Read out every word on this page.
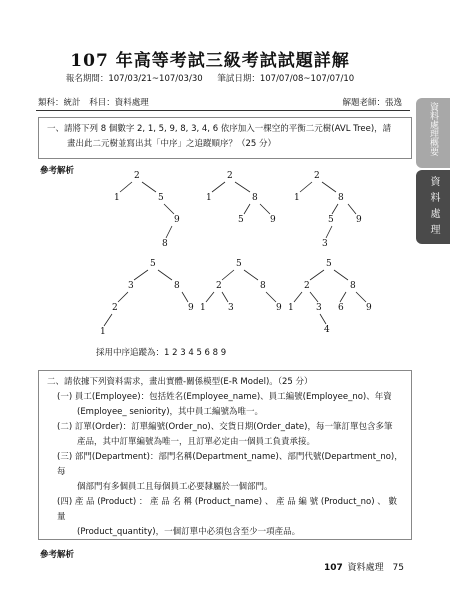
107 年高等考試三級考試試題詳解
報名期間：107/03/21~107/03/30 筆試日期：107/07/08~107/07/10
類科：統計 科目：資料處理	解題老師：張逸	資料處理概要
資料處理
一、請將下列 8 個數字 2, 1, 5, 9, 8, 3, 4, 6 依序加入一棵空的平衡二元樹(AVL Tree)，請
畫出此二元樹並寫出其「中序」之追蹤順序？（25 分）
參考解析	2
1	5
9
8
2
1	8
5	9
2
1	8
5 9
3
5
3	8
2	9
1
5
2	8
1 3	9
5
2	8
1 3 6 9
4
採用中序追蹤為：1 2 3 4 5 6 8 9
二、請依據下列資料需求，畫出實體-關係模型(E-R Model)。（25 分）
(一) 員工(Employee)：包括姓名(Employee_name)、員工編號(Employee_no)、年資
(Employee_ seniority)，其中員工編號為唯一。
(二) 訂單(Order)：訂單編號(Order_no)、交貨日期(Order_date)，每一筆訂單包含多筆
產品，其中訂單編號為唯一，且訂單必定由一個員工負責承接。
(三) 部門(Department)：部門名稱(Department_name)、部門代號(Department_no)，每
個部門有多個員工且每個員工必要隸屬於一個部門。
(四) 產 品 (Product) ： 產 品 名 稱 (Product_name) 、 產 品 編 號 (Product_no) 、 數 量
(Product_quantity)，一個訂單中必須包含至少一項產品。
參考解析
107 資料處理 75
